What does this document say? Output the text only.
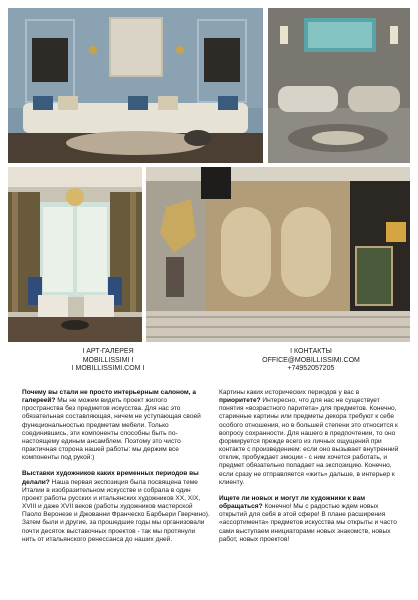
I АРТ-ГАЛЕРЕЯ
MOBILLISSIMI I
I MOBILLISSIMI.COM I
I КОНТАКТЫ
OFFICE@MOBILLISSIMI.COM
+74952057205

Почему вы стали не просто интерьерным салоном, а галереей? Мы не можем видеть проект жилого пространства без предметов искусства. Для нас это обязательная составляющая, ничем не уступающая своей функциональностью предметам мебели. Только соединившись, эти компоненты способны быть по-настоящему единым ансамблем. Поэтому это чисто практичная сторона нашей работы: мы держим все компоненты под рукой:)

Выставки художников каких временных периодов вы делали? Наша первая экспозиция была посвящена теме Италии в изобразительном искусстве и собрала в один проект работы русских и итальянских художников XX, XIX, XVIII и даже XVII веков (работы художников мастерской Паоло Веронезе и Джованни Франческо Барбьери Гверчино). Затем были и другие, за прошедшие годы мы организовали почти десяток выставочных проектов - так мы протянули нить от итальянского ренессанса до наших дней.

Картины каких исторических периодов у вас в приоритете? Интересно, что для нас не существует понятия «возрастного паритета» для предметов. Конечно, старинные картины или предметы декора требуют к себе особого отношения, но в большей степени это относится к вопросу сохранности. Для нашего в предпочтении, то оно формируется прежде всего из личных ощущений при контакте с произведением: если оно вызывает внутренний отклик, пробуждает эмоции - с ним хочется работать, и предмет обязательно попадает на экспозицию. Конечно, если сразу не отправляется «жить» дальше, в интерьер к клиенту.

Ищете ли новых и могут ли художники к вам обращаться? Конечно! Мы с радостью ждем новых открытий для себя в этой сфере! В плане расширения «ассортимента» предметов искусства мы открыты и часто сами выступаем инициаторами новых знакомств, новых работ, новых проектов!
